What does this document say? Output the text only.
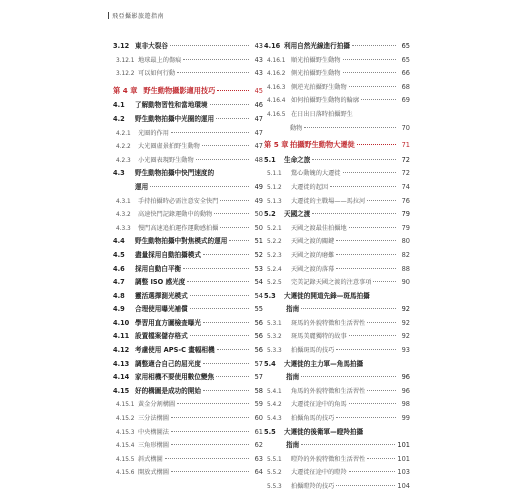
飛亞攝影旅遊指南
3.12 東非大裂谷	43
3.12.1 地球最上的傷痕	43
3.12.2 可以如何行動	43
第 4 章 野生動物攝影適用技巧	45
4.1	了解動物習性和當地環境	46
4.2	野生動物拍攝中光圈的運用	47
4.2.1	光圈的作用	47
4.2.2	大光圈虛景拍野生動物	47
4.2.3	小光圈表現野生動物	48
4.3	野生動物拍攝中快門速度的
運用	49
4.3.1	手持拍攝時必需注意安全快門	49
4.3.2	高速快門記錄運動中的動物	50
4.3.3	慢門高速追拍運作運動感拍攝	50
4.4	野生動物拍攝中對焦模式的運用	51
4.5	盡量採用自動拍攝模式	52
4.6	採用自動白平衡	53
4.7	調整 ISO 感光度	54
4.8	靈活選擇測光模式	54
4.9	合理使用曝光補償	55
4.10 學習用直方圖檢查曝光	56
4.11 設置檔案儲存格式	56
4.12 考慮使用 APS-C 畫幅相機	56
4.13 調整適合自己的屈光度	57
4.14 家用相機不要使用數位變焦	57
4.15 好的構圖是成功的開始	58
4.15.1 黃金分割構圖	59
4.15.2 三分法構圖	60
4.15.3 中央構圖法	61
4.15.4 三角形構圖	62
4.15.5 斜式構圖	63
4.15.6 開放式構圖	64
4.16 利用自然光線進行拍攝	65
4.16.1 順光拍攝野生動物	65
4.16.2 側光拍攝野生動物	66
4.16.3 側逆光拍攝野生動物	68
4.16.4 如何拍攝野生動物的輪廓	69
4.16.5 在日出日落時拍攝野生
動物	70
第 5 章 拍攝野生動物大遷徙	71
5.1	生命之旅	72
5.1.1	驚心動魄的大遷徙	72
5.1.2	大遷徙的起因	74
5.1.3	大遷徙的主戰場——馬拉河	76
5.2	天國之渡	79
5.2.1	天國之渡最佳拍攝地	79
5.2.2	天國之渡的關鍵	80
5.2.3	天國之渡的磨難	82
5.2.4	天國之渡的落幕	88
5.2.5	完美記錄天國之渡的注意事項	90
5.3	大遷徙的開道先鋒—斑馬拍攝
指南	92
5.3.1	斑馬的外貌特徵和生活習性	92
5.3.2	斑馬美麗獨特的故事	92
5.3.3	拍攝斑馬的技巧	93
5.4	大遷徙的主力軍—角馬拍攝
指南	96
5.4.1	角馬的外貌特徵和生活習性	96
5.4.2	大遷徙征途中的角馬	98
5.4.3	拍攝角馬的技巧	99
5.5	大遷徙的後衛軍—瞪羚拍攝
指南	101
5.5.1	瞪羚的外貌特徵和生活習性	101
5.5.2	大遷徙征途中的瞪羚	103
5.5.3	拍攝瞪羚的技巧	104
